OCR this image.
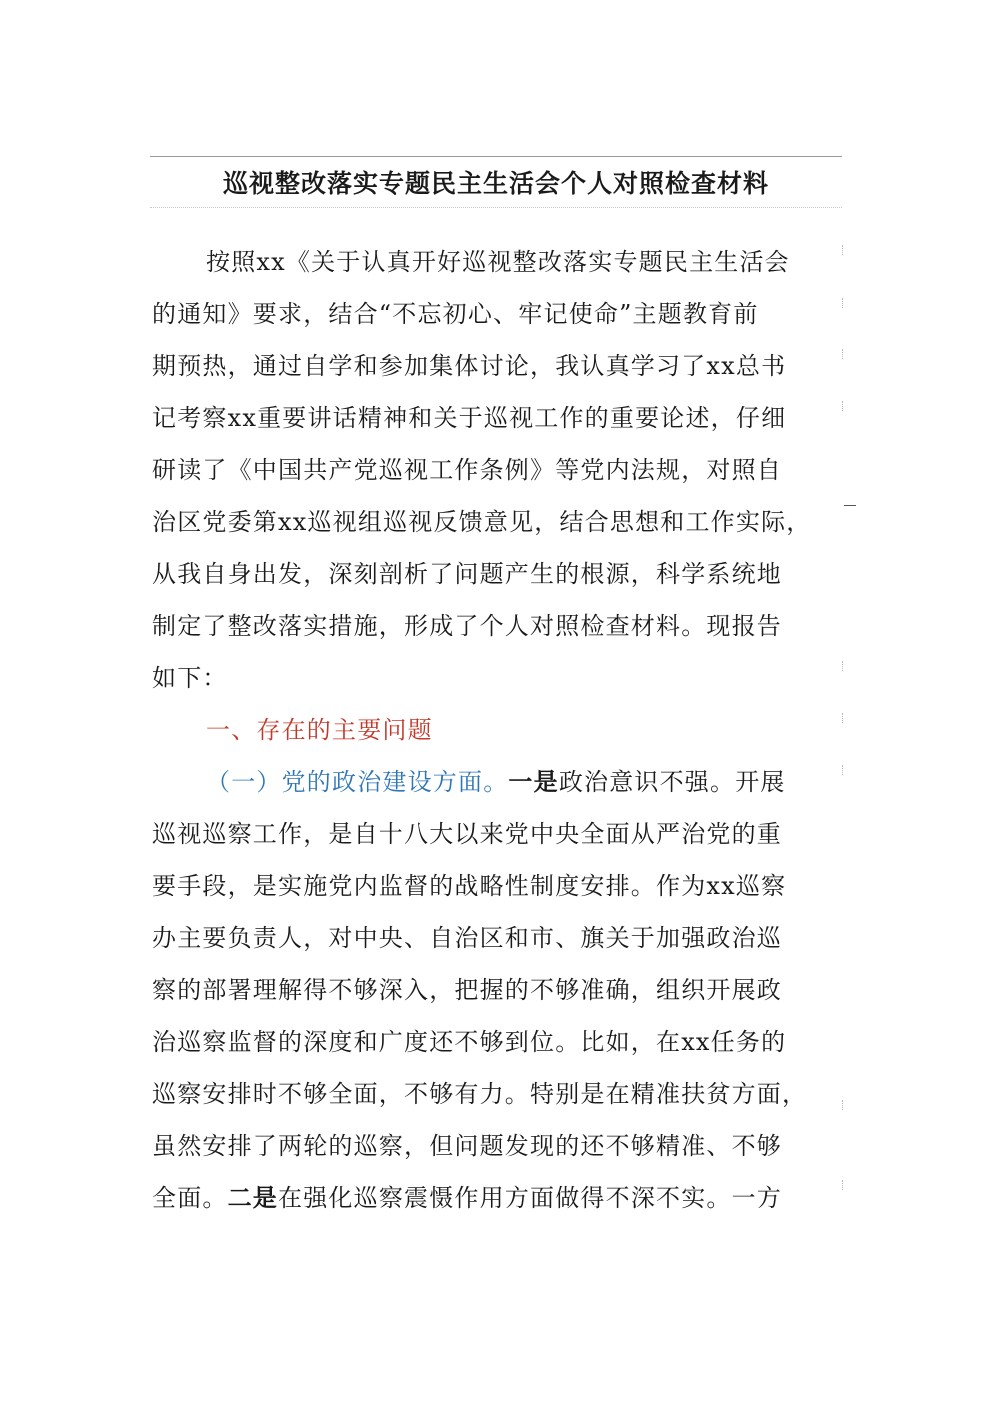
巡视整改落实专题民主生活会个人对照检查材料
按照xx《关于认真开好巡视整改落实专题民主生活会
的通知》要求，结合“不忘初心、牢记使命”主题教育前
期预热，通过自学和参加集体讨论，我认真学习了xx总书
记考察xx重要讲话精神和关于巡视工作的重要论述，仔细
研读了《中国共产党巡视工作条例》等党内法规，对照自
治区党委第xx巡视组巡视反馈意见，结合思想和工作实际，
从我自身出发，深刻剖析了问题产生的根源，科学系统地
制定了整改落实措施，形成了个人对照检查材料。现报告
如下：
一、存在的主要问题
（一）党的政治建设方面。一是政治意识不强。开展
巡视巡察工作，是自十八大以来党中央全面从严治党的重
要手段，是实施党内监督的战略性制度安排。作为xx巡察
办主要负责人，对中央、自治区和市、旗关于加强政治巡
察的部署理解得不够深入，把握的不够准确，组织开展政
治巡察监督的深度和广度还不够到位。比如，在xx任务的
巡察安排时不够全面，不够有力。特别是在精准扶贫方面，
虽然安排了两轮的巡察，但问题发现的还不够精准、不够
全面。二是在强化巡察震慑作用方面做得不深不实。一方
